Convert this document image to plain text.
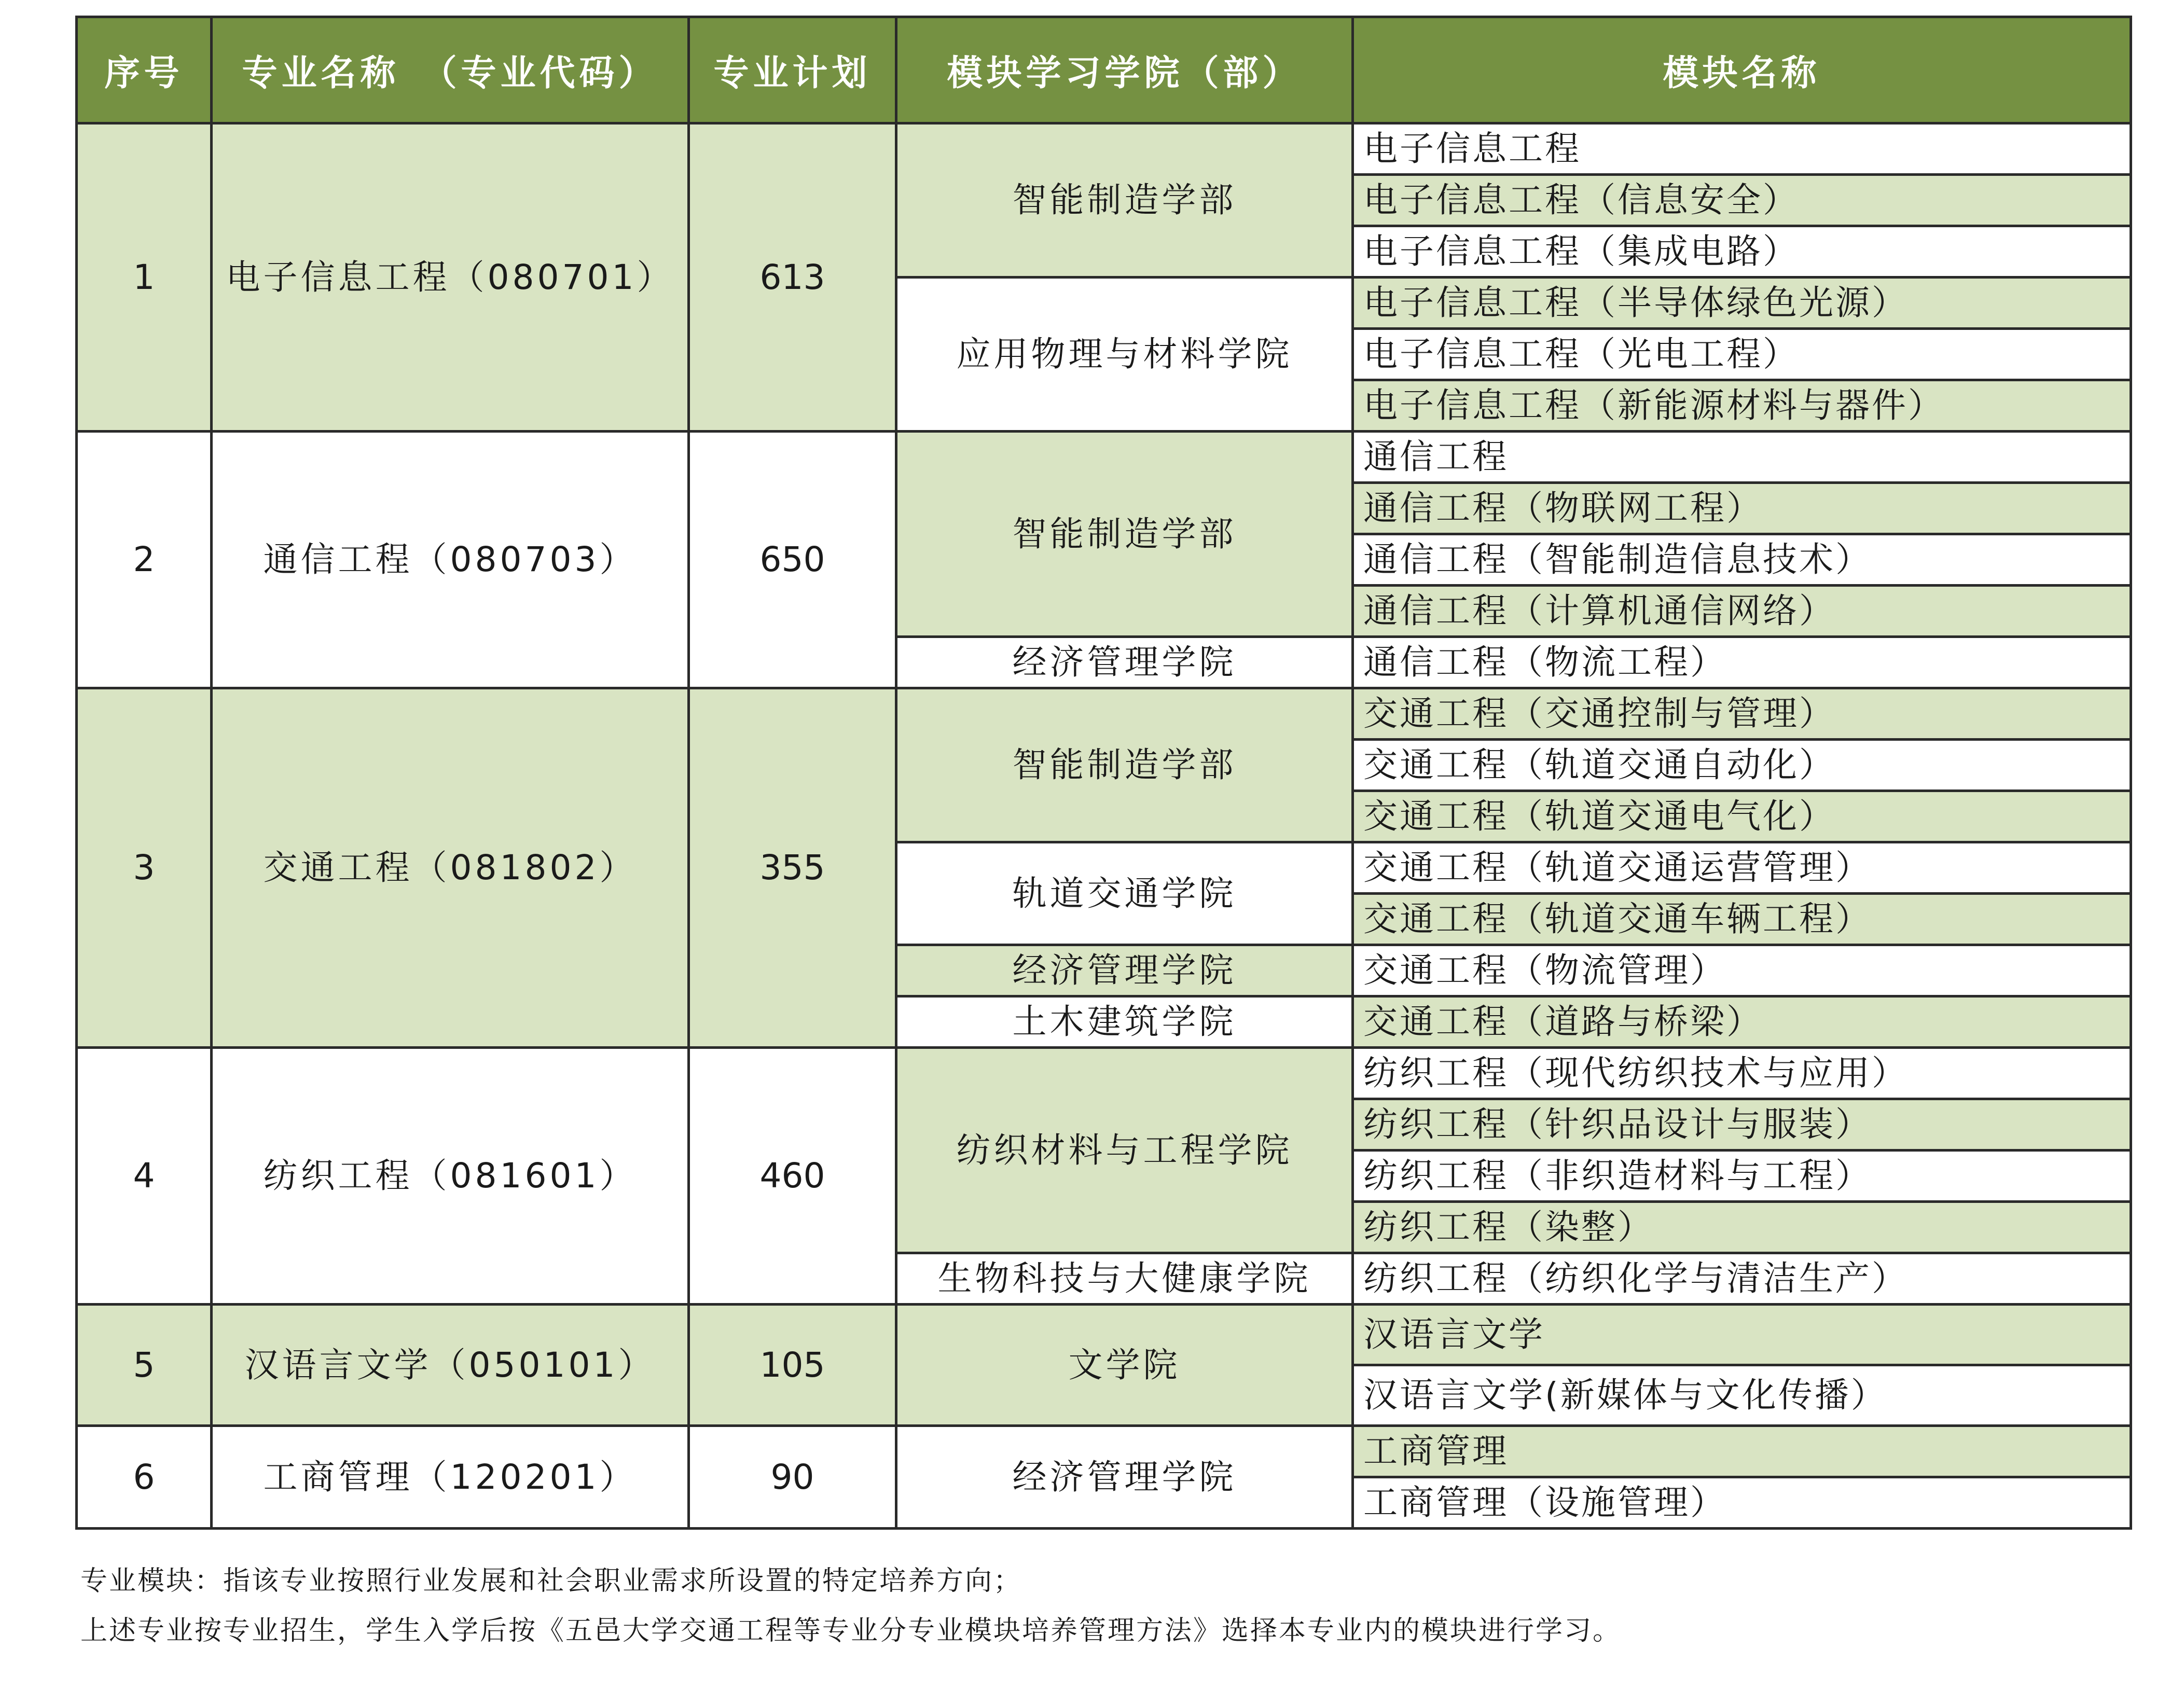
序号	专业名称　（专业代码）	专业计划	模块学习学院（部）	模块名称
1	电子信息工程（080701）	613	智能制造学部	电子信息工程
				电子信息工程（信息安全）
				电子信息工程（集成电路）
			应用物理与材料学院	电子信息工程（半导体绿色光源）
				电子信息工程（光电工程）
				电子信息工程（新能源材料与器件）
2	通信工程（080703）	650	智能制造学部	通信工程
				通信工程（物联网工程）
				通信工程（智能制造信息技术）
				通信工程（计算机通信网络）
			经济管理学院	通信工程（物流工程）
3	交通工程（081802）	355	智能制造学部	交通工程（交通控制与管理）
				交通工程（轨道交通自动化）
				交通工程（轨道交通电气化）
			轨道交通学院	交通工程（轨道交通运营管理）
				交通工程（轨道交通车辆工程）
			经济管理学院	交通工程（物流管理）
			土木建筑学院	交通工程（道路与桥梁）
4	纺织工程（081601）	460	纺织材料与工程学院	纺织工程（现代纺织技术与应用）
				纺织工程（针织品设计与服装）
				纺织工程（非织造材料与工程）
				纺织工程（染整）
			生物科技与大健康学院	纺织工程（纺织化学与清洁生产）
5	汉语言文学（050101）	105	文学院	汉语言文学
				汉语言文学(新媒体与文化传播）
6	工商管理（120201）	90	经济管理学院	工商管理
				工商管理（设施管理）
专业模块：指该专业按照行业发展和社会职业需求所设置的特定培养方向；
上述专业按专业招生，学生入学后按《五邑大学交通工程等专业分专业模块培养管理方法》选择本专业内的模块进行学习。
